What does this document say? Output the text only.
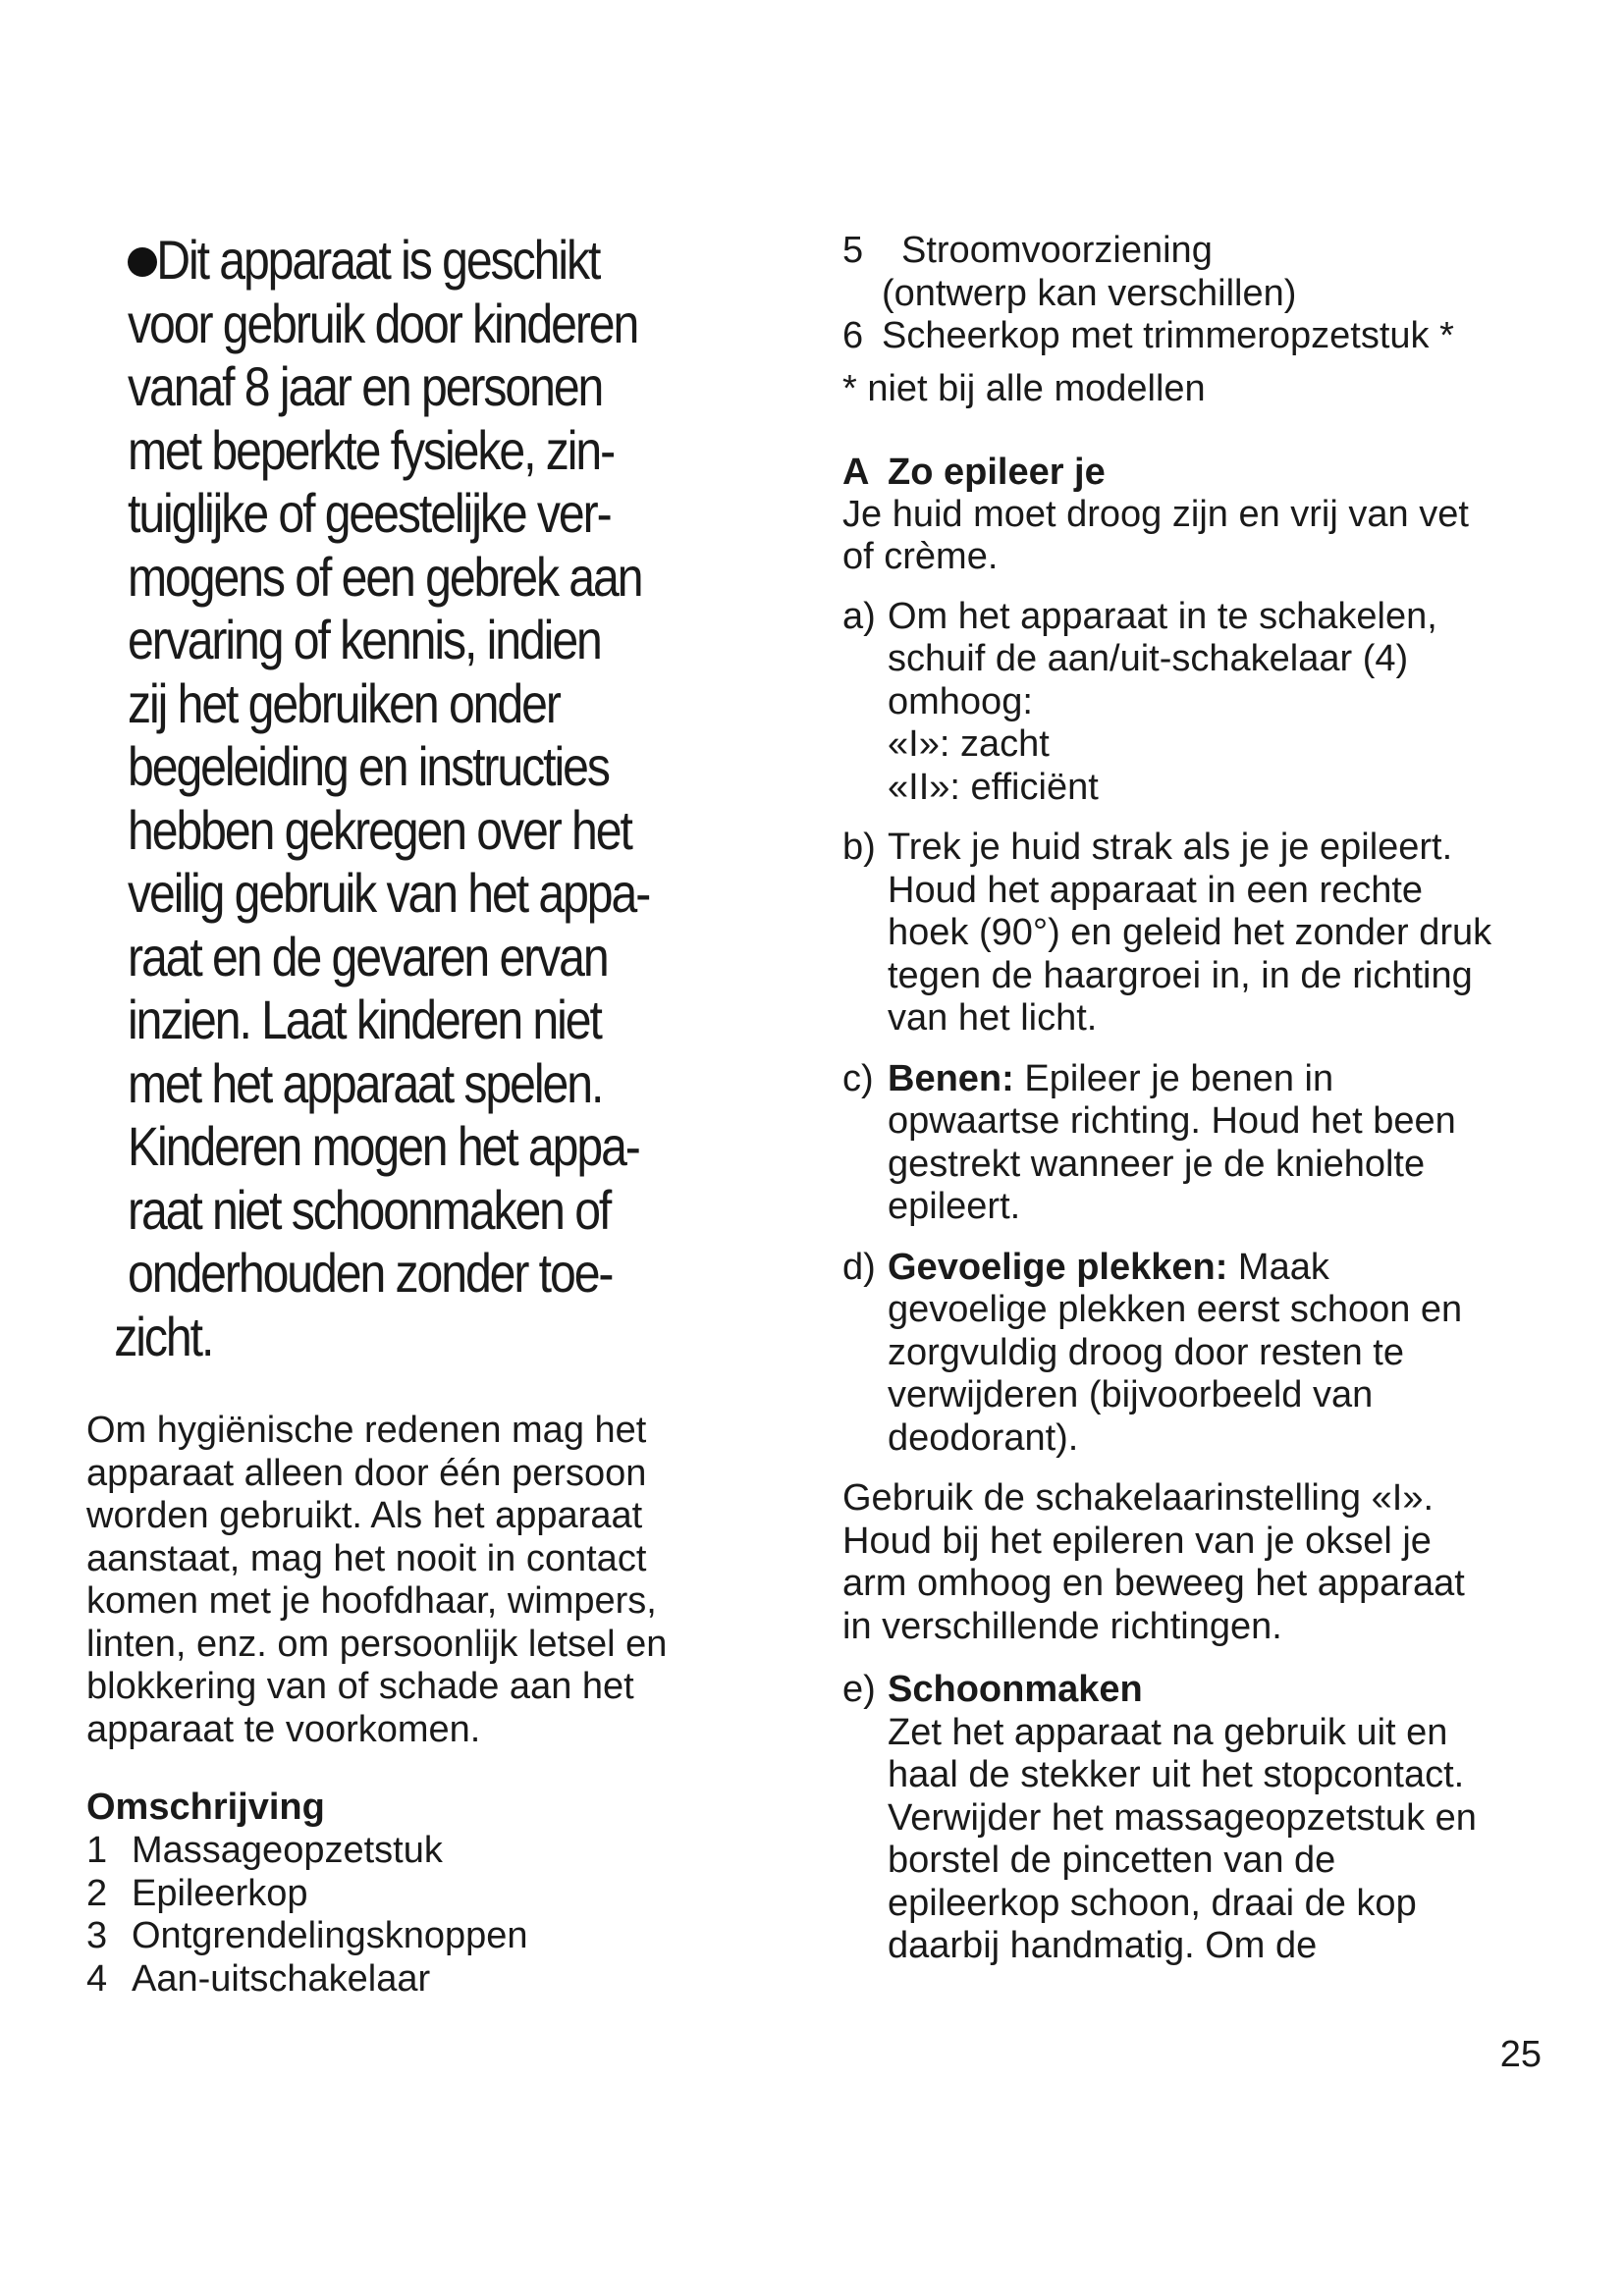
Dit apparaat is geschikt
voor gebruik door kinderen
vanaf 8 jaar en personen
met beperkte fysieke, zin-
tuiglijke of geestelijke ver-
mogens of een gebrek aan
ervaring of kennis, indien
zij het gebruiken onder
begeleiding en instructies
hebben gekregen over het
veilig gebruik van het appa-
raat en de gevaren ervan
inzien. Laat kinderen niet
met het apparaat spelen.
Kinderen mogen het appa-
raat niet schoonmaken of
onderhouden zonder toe-
zicht.
Om hygiënische redenen mag het
apparaat alleen door één persoon
worden gebruikt. Als het apparaat
aanstaat, mag het nooit in contact
komen met je hoofdhaar, wimpers,
linten, enz. om persoonlijk letsel en
blokkering van of schade aan het
apparaat te voorkomen.
Omschrijving
1 Massageopzetstuk
2 Epileerkop
3 Ontgrendelingsknoppen
4 Aan-uitschakelaar
5	Stroomvoorziening
(ontwerp kan verschillen)
6 Scheerkop met trimmeropzetstuk *
* niet bij alle modellen
A Zo epileer je
Je huid moet droog zijn en vrij van vet
of crème.
a) Om het apparaat in te schakelen,
schuif de aan/uit-schakelaar (4)
omhoog:
«I»: zacht
«II»: efficiënt
b) Trek je huid strak als je je epileert.
Houd het apparaat in een rechte
hoek (90°) en geleid het zonder druk
tegen de haargroei in, in de richting
van het licht.
c) Benen: Epileer je benen in
opwaartse richting. Houd het been
gestrekt wanneer je de knieholte
epileert.
d) Gevoelige plekken: Maak
gevoelige plekken eerst schoon en
zorgvuldig droog door resten te
verwijderen (bijvoorbeeld van
deodorant).
Gebruik de schakelaarinstelling «I».
Houd bij het epileren van je oksel je
arm omhoog en beweeg het apparaat
in verschillende richtingen.
e) Schoonmaken
Zet het apparaat na gebruik uit en
haal de stekker uit het stopcontact.
Verwijder het massageopzetstuk en
borstel de pincetten van de
epileerkop schoon, draai de kop
daarbij handmatig. Om de
25
